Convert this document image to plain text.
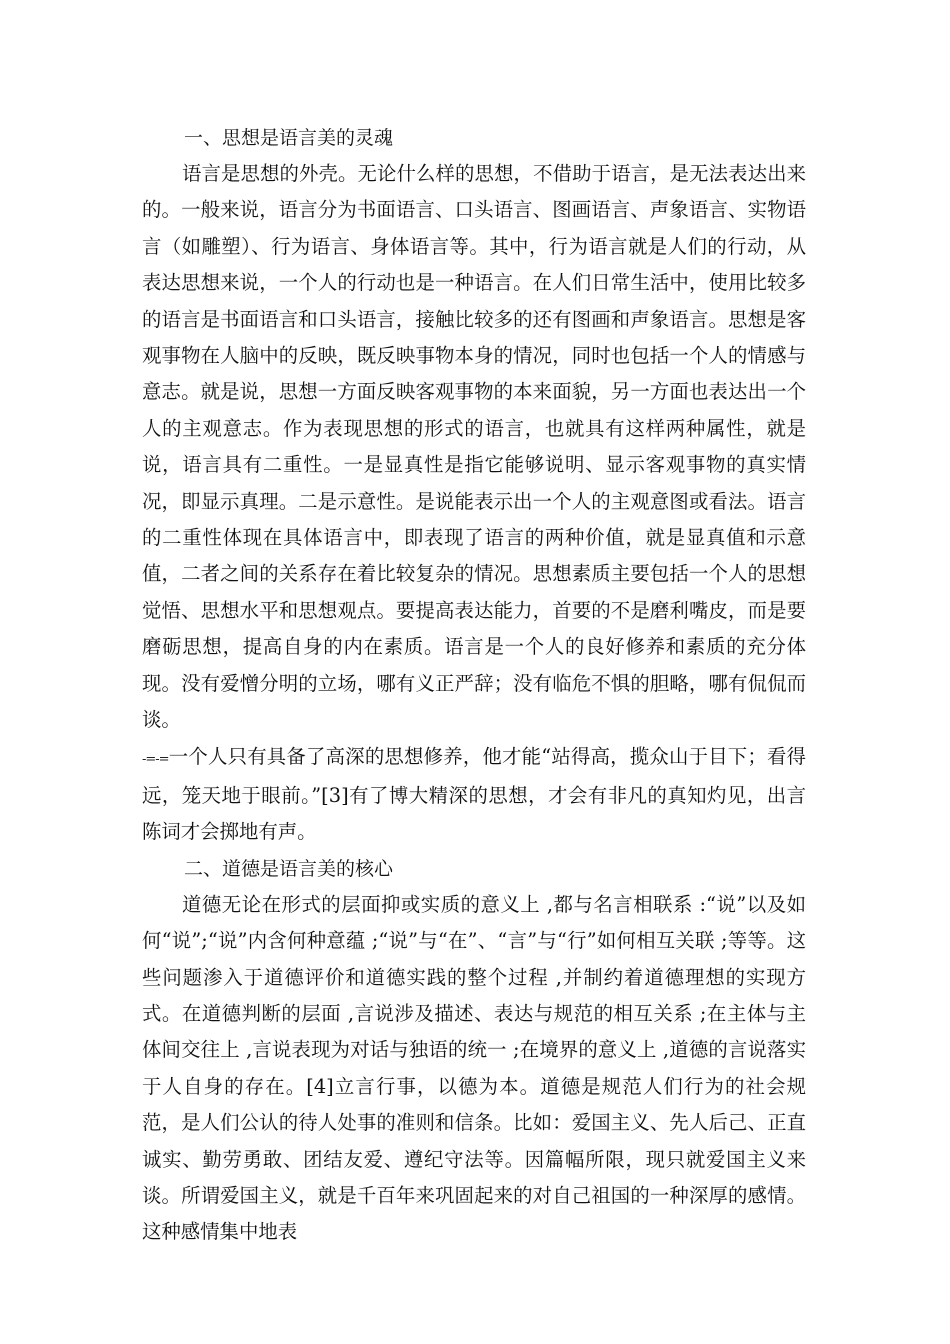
一、思想是语言美的灵魂

语言是思想的外壳。无论什么样的思想，不借助于语言，是无法表达出来的。一般来说，语言分为书面语言、口头语言、图画语言、声象语言、实物语言（如雕塑）、行为语言、身体语言等。其中，行为语言就是人们的行动，从表达思想来说，一个人的行动也是一种语言。在人们日常生活中，使用比较多的语言是书面语言和口头语言，接触比较多的还有图画和声象语言。思想是客观事物在人脑中的反映，既反映事物本身的情况，同时也包括一个人的情感与意志。就是说，思想一方面反映客观事物的本来面貌，另一方面也表达出一个人的主观意志。作为表现思想的形式的语言，也就具有这样两种属性，就是说，语言具有二重性。一是显真性是指它能够说明、显示客观事物的真实情况，即显示真理。二是示意性。是说能表示出一个人的主观意图或看法。语言的二重性体现在具体语言中，即表现了语言的两种价值，就是显真值和示意值，二者之间的关系存在着比较复杂的情况。思想素质主要包括一个人的思想觉悟、思想水平和思想观点。要提高表达能力，首要的不是磨利嘴皮，而是要磨砺思想，提高自身的内在素质。语言是一个人的良好修养和素质的充分体现。没有爱憎分明的立场，哪有义正严辞；没有临危不惧的胆略，哪有侃侃而谈。

-=-=一个人只有具备了高深的思想修养，他才能“站得高，揽众山于目下；看得远，笼天地于眼前。”[3]有了博大精深的思想，才会有非凡的真知灼见，出言陈词才会掷地有声。

二、道德是语言美的核心

道德无论在形式的层面抑或实质的意义上 ,都与名言相联系 :“说”以及如何“说”;“说”内含何种意蕴 ;“说”与“在”、“言”与“行”如何相互关联 ;等等。这些问题渗入于道德评价和道德实践的整个过程 ,并制约着道德理想的实现方式。在道德判断的层面 ,言说涉及描述、表达与规范的相互关系 ;在主体与主体间交往上 ,言说表现为对话与独语的统一 ;在境界的意义上 ,道德的言说落实于人自身的存在。[4]立言行事，以德为本。道德是规范人们行为的社会规范，是人们公认的待人处事的准则和信条。比如：爱国主义、先人后己、正直诚实、勤劳勇敢、团结友爱、遵纪守法等。因篇幅所限，现只就爱国主义来谈。所谓爱国主义，就是千百年来巩固起来的对自己祖国的一种深厚的感情。这种感情集中地表
